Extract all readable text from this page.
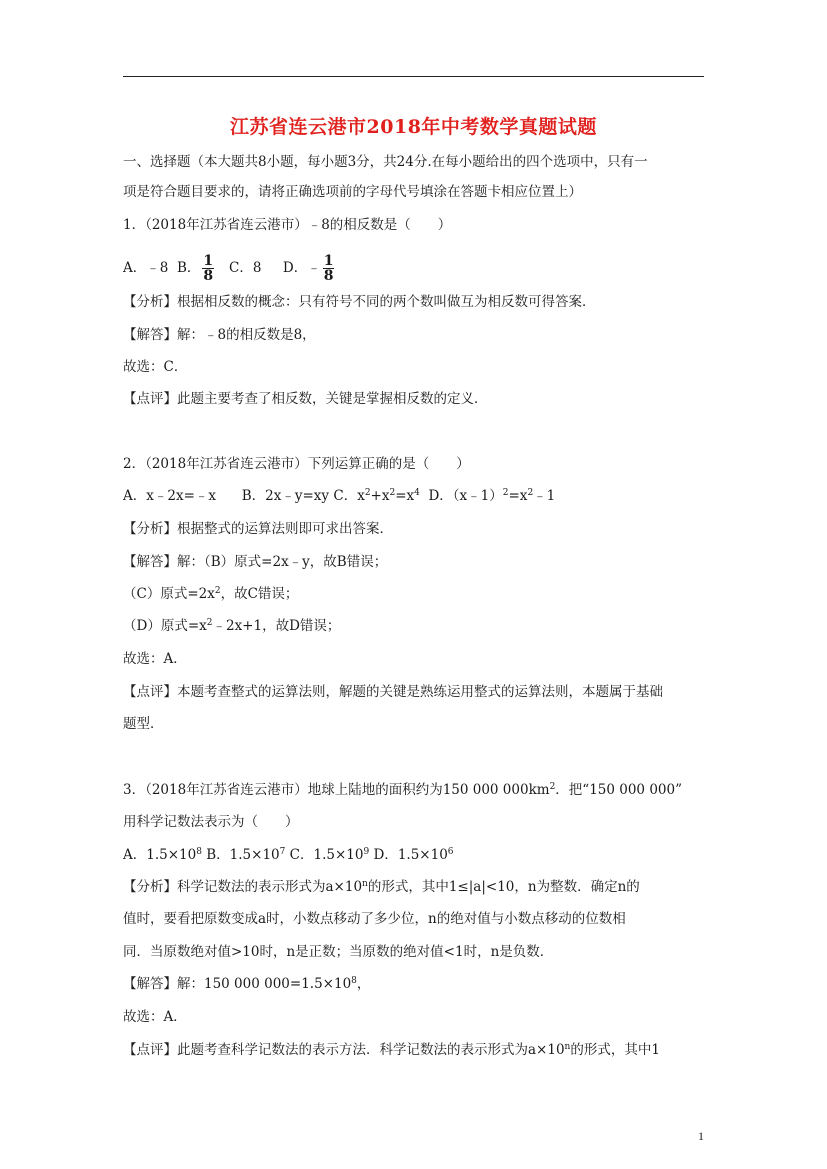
江苏省连云港市2018年中考数学真题试题
一、选择题（本大题共8小题，每小题3分，共24分.在每小题给出的四个选项中，只有一
项是符合题目要求的，请将正确选项前的字母代号填涂在答题卡相应位置上）
1．（2018年江苏省连云港市）﹣8的相反数是（　　）
A．﹣8 B． $\frac{1}{8}$ C．8 D．﹣ $\frac{1}{8}$
【分析】根据相反数的概念：只有符号不同的两个数叫做互为相反数可得答案．
【解答】解：﹣8的相反数是8，
故选：C．
【点评】此题主要考查了相反数，关键是掌握相反数的定义．
2．（2018年江苏省连云港市）下列运算正确的是（　　）
A．x﹣2x=﹣x B．2x﹣y=xy C．$x^2+x^2=x^4$ D．$(x﹣1)^2=x^2﹣1$
【分析】根据整式的运算法则即可求出答案．
【解答】解：（B）原式=2x﹣y，故B错误；
（C）原式$=2x^2$，故C错误；
（D）原式$=x^2﹣2x+1$，故D错误；
故选：A．
【点评】本题考查整式的运算法则，解题的关键是熟练运用整式的运算法则，本题属于基础
题型．
3．（2018年江苏省连云港市）地球上陆地的面积约为150 000 $000km^2$．把“150 000 000”
用科学记数法表示为（　　）
A．$1.5\times 10^8$ B．$1.5\times 10^7$ C．$1.5\times 10^9$ D．$1.5\times 10^6$
【分析】科学记数法的表示形式为$a\times 10^n$的形式，其中1≤|a|<10，n为整数．确定n的
值时，要看把原数变成a时，小数点移动了多少位，n的绝对值与小数点移动的位数相
同．当原数绝对值>10时，n是正数；当原数的绝对值<1时，n是负数．
【解答】解：150 000 $000=1.5\times 10^8$，
故选：A．
【点评】此题考查科学记数法的表示方法．科学记数法的表示形式为$a\times 10^n$的形式，其中1
1
